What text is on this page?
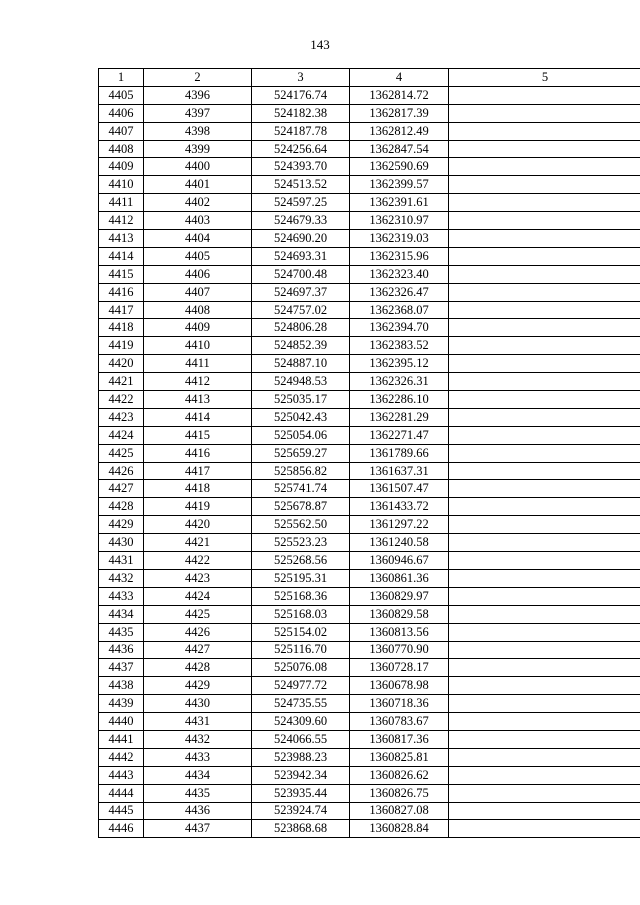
143
1	2	3	4	5
4405	4396	524176.74	1362814.72	
4406	4397	524182.38	1362817.39	
4407	4398	524187.78	1362812.49	
4408	4399	524256.64	1362847.54	
4409	4400	524393.70	1362590.69	
4410	4401	524513.52	1362399.57	
4411	4402	524597.25	1362391.61	
4412	4403	524679.33	1362310.97	
4413	4404	524690.20	1362319.03	
4414	4405	524693.31	1362315.96	
4415	4406	524700.48	1362323.40	
4416	4407	524697.37	1362326.47	
4417	4408	524757.02	1362368.07	
4418	4409	524806.28	1362394.70	
4419	4410	524852.39	1362383.52	
4420	4411	524887.10	1362395.12	
4421	4412	524948.53	1362326.31	
4422	4413	525035.17	1362286.10	
4423	4414	525042.43	1362281.29	
4424	4415	525054.06	1362271.47	
4425	4416	525659.27	1361789.66	
4426	4417	525856.82	1361637.31	
4427	4418	525741.74	1361507.47	
4428	4419	525678.87	1361433.72	
4429	4420	525562.50	1361297.22	
4430	4421	525523.23	1361240.58	
4431	4422	525268.56	1360946.67	
4432	4423	525195.31	1360861.36	
4433	4424	525168.36	1360829.97	
4434	4425	525168.03	1360829.58	
4435	4426	525154.02	1360813.56	
4436	4427	525116.70	1360770.90	
4437	4428	525076.08	1360728.17	
4438	4429	524977.72	1360678.98	
4439	4430	524735.55	1360718.36	
4440	4431	524309.60	1360783.67	
4441	4432	524066.55	1360817.36	
4442	4433	523988.23	1360825.81	
4443	4434	523942.34	1360826.62	
4444	4435	523935.44	1360826.75	
4445	4436	523924.74	1360827.08	
4446	4437	523868.68	1360828.84	
